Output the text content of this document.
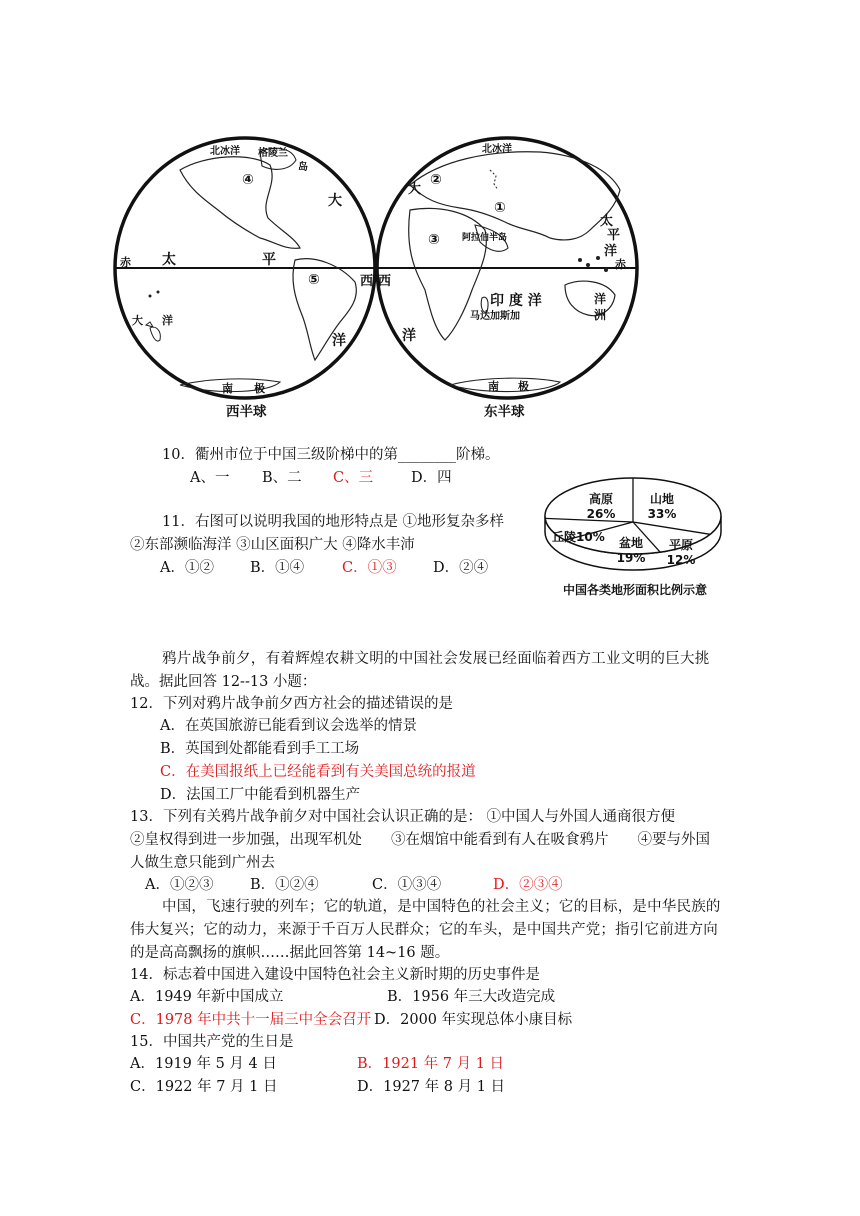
北冰洋 格陵兰
岛
④
大
赤 太	平
⑤	西
大 洋
洋
南 极
北冰洋
西
大
②
①
③ 阿拉伯半岛
太
平
洋
赤
印 度 洋
马达加斯加
洋
洋
洲
南 极
西半球	东半球
10．衢州市位于中国三级阶梯中的第________阶梯。
A、一 B、二 C、三	D．四
11．右图可以说明我国的地形特点是 ①地形复杂多样
②东部濒临海洋 ③山区面积广大 ④降水丰沛
A．①② B．①④	C．①③	D．②④
高原
26%
山地
33%
丘陵10%	盆地
19%
平原
12%
中国各类地形面积比例示意
鸦片战争前夕，有着辉煌农耕文明的中国社会发展已经面临着西方工业文明的巨大挑
战。据此回答 12--13 小题：
12．下列对鸦片战争前夕西方社会的描述错误的是
A．在英国旅游已能看到议会选举的情景
B．英国到处都能看到手工工场
C．在美国报纸上已经能看到有关美国总统的报道
D．法国工厂中能看到机器生产
13．下列有关鸦片战争前夕对中国社会认识正确的是： ①中国人与外国人通商很方便
②皇权得到进一步加强，出现军机处　　③在烟馆中能看到有人在吸食鸦片　　④要与外国
人做生意只能到广州去
A．①②③	B．①②④	C．①③④	D．②③④
中国，飞速行驶的列车；它的轨道，是中国特色的社会主义；它的目标，是中华民族的
伟大复兴；它的动力，来源于千百万人民群众；它的车头，是中国共产党；指引它前进方向
的是高高飘扬的旗帜……据此回答第 14~16 题。
14．标志着中国进入建设中国特色社会主义新时期的历史事件是
A．1949 年新中国成立	B．1956 年三大改造完成
C．1978 年中共十一届三中全会召开 D．2000 年实现总体小康目标
15．中国共产党的生日是
A．1919 年 5 月 4 日	B．1921 年 7 月 1 日
C．1922 年 7 月 1 日	D．1927 年 8 月 1 日
